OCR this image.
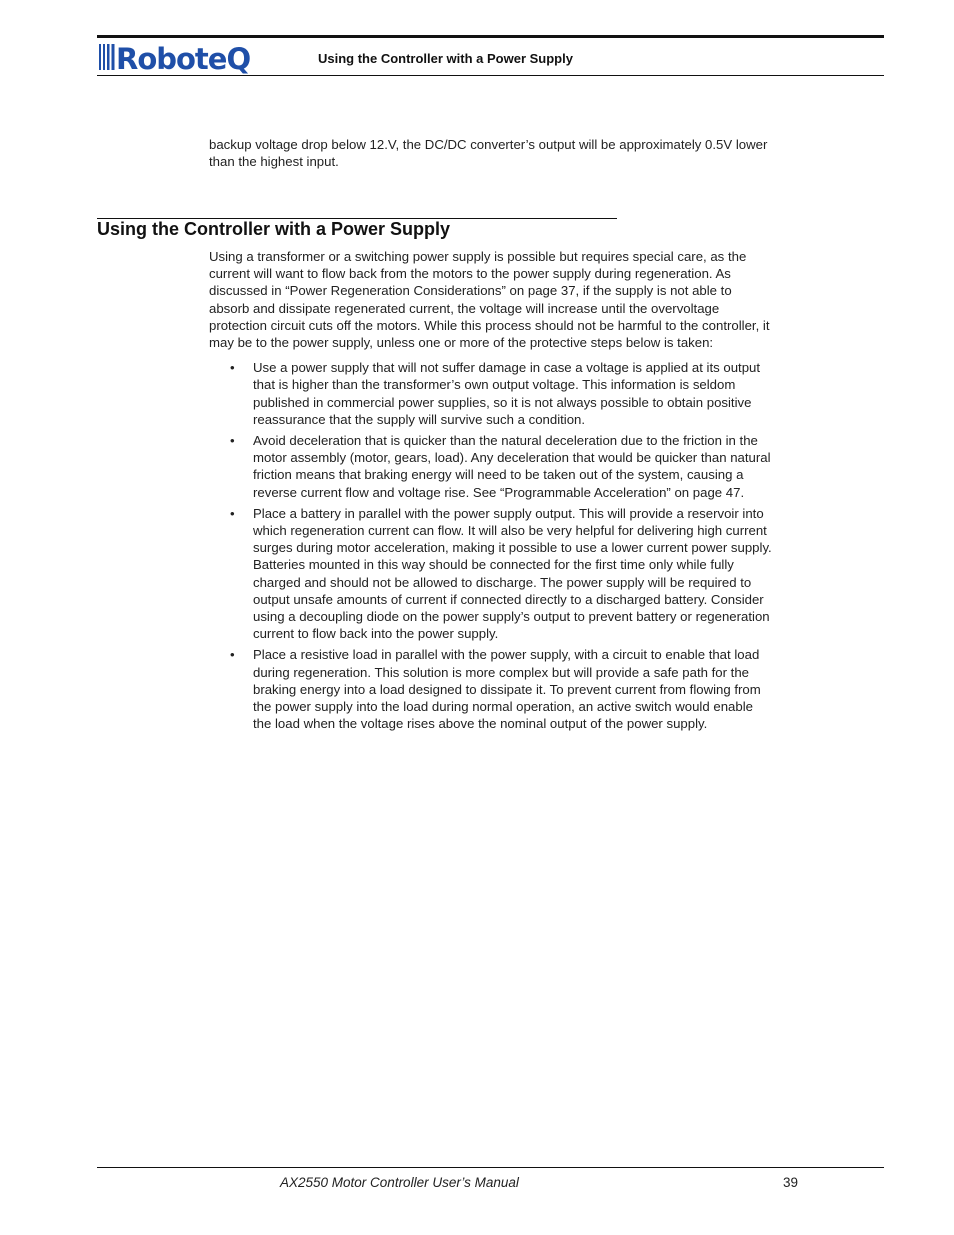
RoboteQ	Using the Controller with a Power Supply

backup voltage drop below 12.V, the DC/DC converter’s output will be approximately 0.5V lower than the highest input.

Using the Controller with a Power Supply

Using a transformer or a switching power supply is possible but requires special care, as the current will want to flow back from the motors to the power supply during regeneration. As discussed in “Power Regeneration Considerations” on page 37, if the supply is not able to absorb and dissipate regenerated current, the voltage will increase until the overvoltage protection circuit cuts off the motors. While this process should not be harmful to the controller, it may be to the power supply, unless one or more of the protective steps below is taken:

• Use a power supply that will not suffer damage in case a voltage is applied at its output that is higher than the transformer’s own output voltage. This information is seldom published in commercial power supplies, so it is not always possible to obtain positive reassurance that the supply will survive such a condition.
• Avoid deceleration that is quicker than the natural deceleration due to the friction in the motor assembly (motor, gears, load). Any deceleration that would be quicker than natural friction means that braking energy will need to be taken out of the system, causing a reverse current flow and voltage rise. See “Programmable Acceleration” on page 47.
• Place a battery in parallel with the power supply output. This will provide a reservoir into which regeneration current can flow. It will also be very helpful for delivering high current surges during motor acceleration, making it possible to use a lower current power supply. Batteries mounted in this way should be connected for the first time only while fully charged and should not be allowed to discharge. The power supply will be required to output unsafe amounts of current if connected directly to a discharged battery. Consider using a decoupling diode on the power supply’s output to prevent battery or regeneration current to flow back into the power supply.
• Place a resistive load in parallel with the power supply, with a circuit to enable that load during regeneration. This solution is more complex but will provide a safe path for the braking energy into a load designed to dissipate it. To prevent current from flowing from the power supply into the load during normal operation, an active switch would enable the load when the voltage rises above the nominal output of the power supply.
AX2550 Motor Controller User’s Manual	39
